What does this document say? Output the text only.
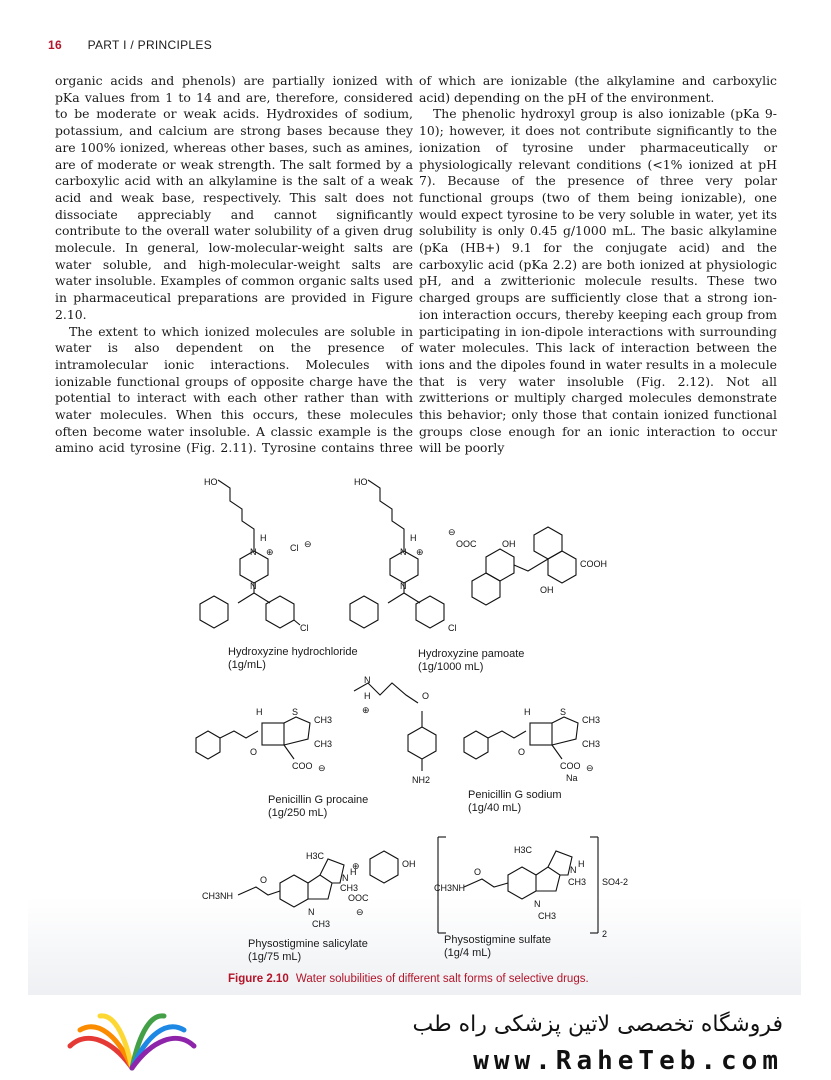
16 PART I / PRINCIPLES

organic acids and phenols) are partially ionized with pKa values from 1 to 14 and are, therefore, considered to be moderate or weak acids. Hydroxides of sodium, potassium, and calcium are strong bases because they are 100% ionized, whereas other bases, such as amines, are of moderate or weak strength. The salt formed by a carboxylic acid with an alkylamine is the salt of a weak acid and weak base, respectively. This salt does not dissociate appreciably and cannot significantly contribute to the overall water solubility of a given drug molecule. In general, low-molecular-weight salts are water soluble, and high-molecular-weight salts are water insoluble. Examples of common organic salts used in pharmaceutical preparations are provided in Figure 2.10.

The extent to which ionized molecules are soluble in water is also dependent on the presence of intramolecular ionic interactions. Molecules with ionizable functional groups of opposite charge have the potential to interact with each other rather than with water molecules. When this occurs, these molecules often become water insoluble. A classic example is the amino acid tyrosine (Fig. 2.11). Tyrosine contains three

of which are ionizable (the alkylamine and carboxylic acid) depending on the pH of the environment.

The phenolic hydroxyl group is also ionizable (pKa 9-10); however, it does not contribute significantly to the ionization of tyrosine under pharmaceutically or physiologically relevant conditions (<1% ionized at pH 7). Because of the presence of three very polar functional groups (two of them being ionizable), one would expect tyrosine to be very soluble in water, yet its solubility is only 0.45 g/1000 mL. The basic alkylamine (pKa (HB+) 9.1 for the conjugate acid) and the carboxylic acid (pKa 2.2) are both ionized at physiologic pH, and a zwitterionic molecule results. These two charged groups are sufficiently close that a strong ion-ion interaction occurs, thereby keeping each group from participating in ion-dipole interactions with surrounding water molecules. This lack of interaction between the ions and the dipoles found in water results in a molecule that is very water insoluble (Fig. 2.12). Not all zwitterions or multiply charged molecules demonstrate this behavior; only those that contain ionized functional groups close enough for an ionic interaction to occur will be poorly

HO
N
H
⊕ Cl ⊖
N
Cl
HO
N
H
⊕
N
Cl
⊖
OOC	OH
COOH
OH
H	S
CH3
CH3
O
COO ⊖
N
H
⊕
O
NH2
H	S
CH3
CH3
O
COO
Na
⊖
H3C
N
H
CH3
N
CH3
CH3NH
O
⊕	OH
OOC
⊖
H3C
N
H
CH3
N
CH3
CH3NH
O
SO4-2
2
Hydroxyzine hydrochloride
(1g/mL)
Hydroxyzine pamoate
(1g/1000 mL)
Penicillin G procaine
(1g/250 mL)
Penicillin G sodium
(1g/40 mL)
Physostigmine salicylate
(1g/75 mL)
Physostigmine sulfate
(1g/4 mL)
Figure 2.10 Water solubilities of different salt forms of selective drugs.
فروشگاه تخصصی لاتین پزشکی راه طب
www.RaheTeb.com
